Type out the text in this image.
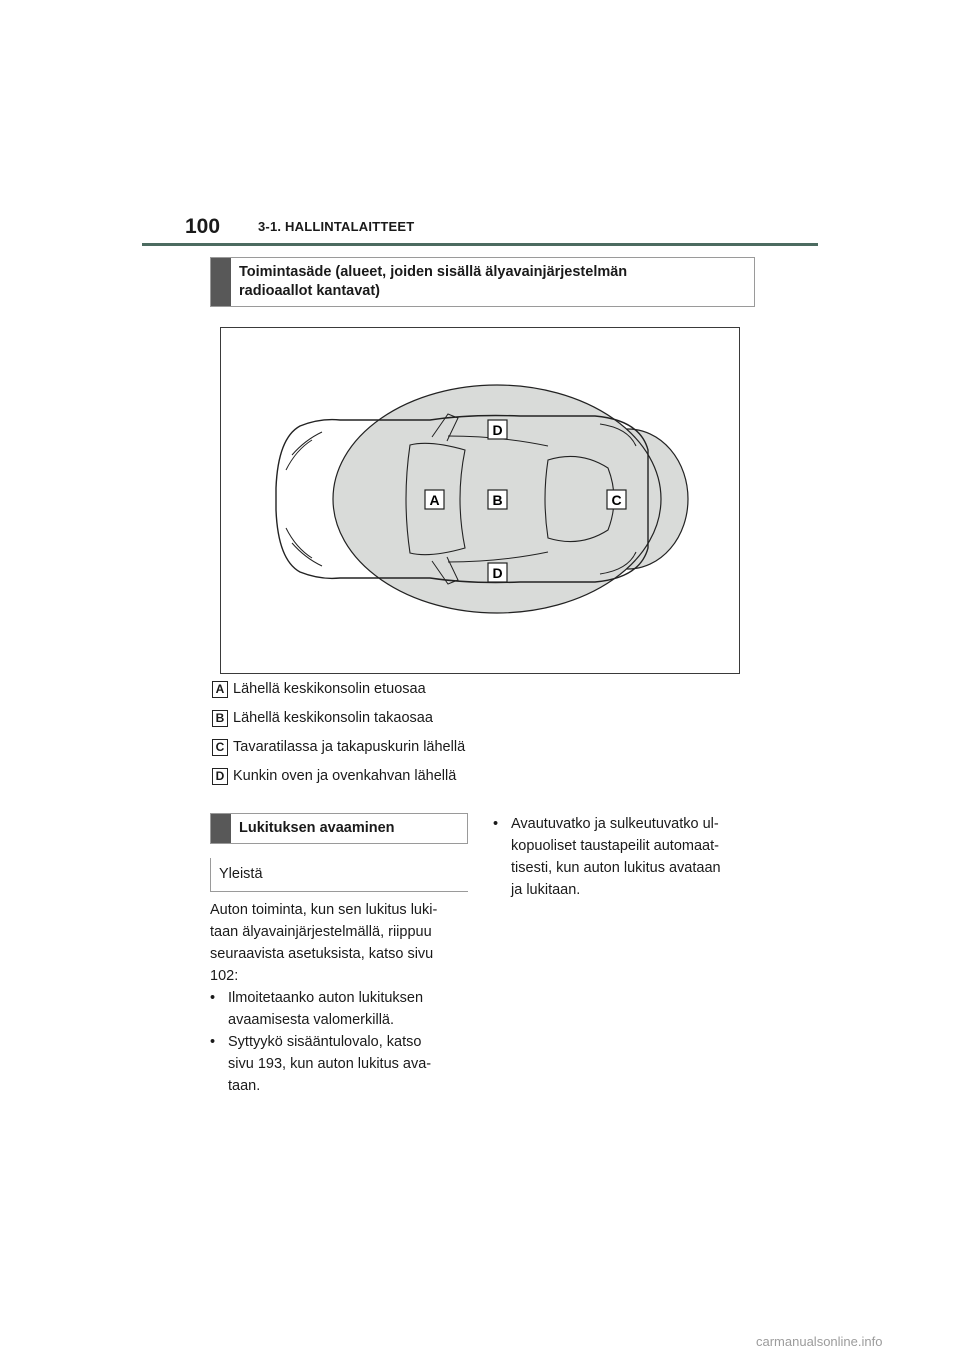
100	3-1. HALLINTALAITTEET
Toimintasäde (alueet, joiden sisällä älyavainjärjestelmän
radioaallot kantavat)
D
A	B	C
D
A Lähellä keskikonsolin etuosaa
B Lähellä keskikonsolin takaosaa
C Tavaratilassa ja takapuskurin lähellä
D Kunkin oven ja ovenkahvan lähellä
Lukituksen avaaminen
Yleistä

Auton toiminta, kun sen lukitus luki-

taan älyavainjärjestelmällä, riippuu

seuraavista asetuksista, katso sivu

102:

• Ilmoitetaanko auton lukituksen

avaamisesta valomerkillä.

• Syttyykö sisääntulovalo, katso

sivu 193, kun auton lukitus ava-

taan.

• Avautuvatko ja sulkeutuvatko ul-

kopuoliset taustapeilit automaat-

tisesti, kun auton lukitus avataan

ja lukitaan.

carmanualsonline.info
